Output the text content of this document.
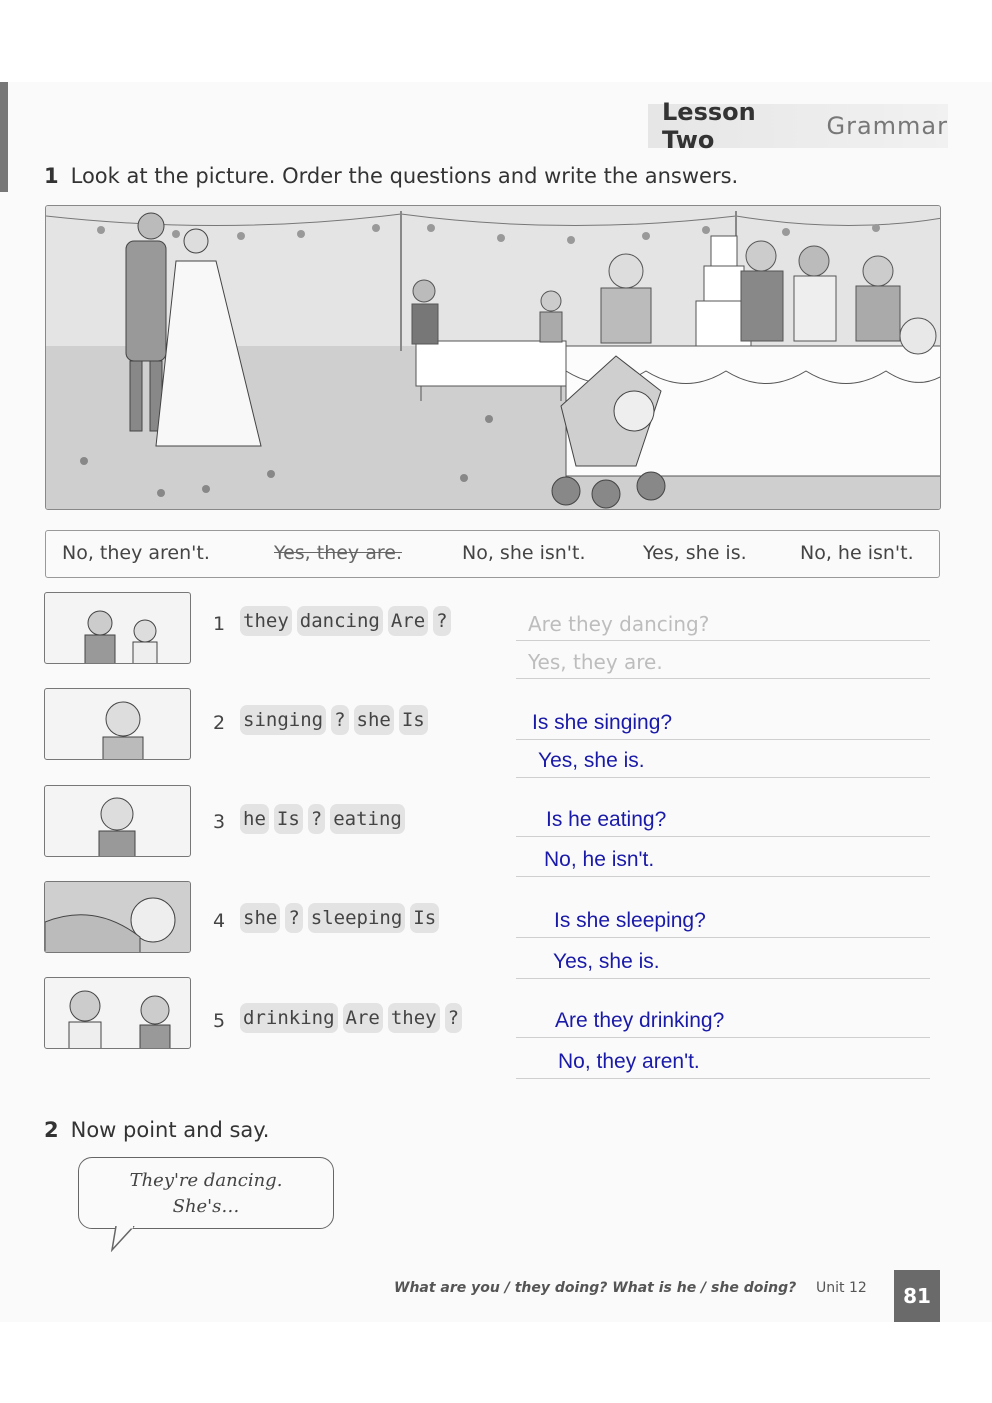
Lesson Two	Grammar
1 Look at the picture. Order the questions and write the answers.
No, they aren't.	Yes, they are.	No, she isn't.	Yes, she is.	No, he isn't.
1 they dancing Are ?	Are they dancing?
Yes, they are.
2 singing ? she Is	Is she singing?
Yes, she is.
3 he Is ? eating	Is he eating?
No, he isn't.
4 she ? sleeping Is	Is she sleeping?
Yes, she is.
5 drinking Are they ?	Are they drinking?
No, they aren't.
2 Now point and say.
They're dancing.
She's…
What are you / they doing? What is he / she doing? Unit 12	81
